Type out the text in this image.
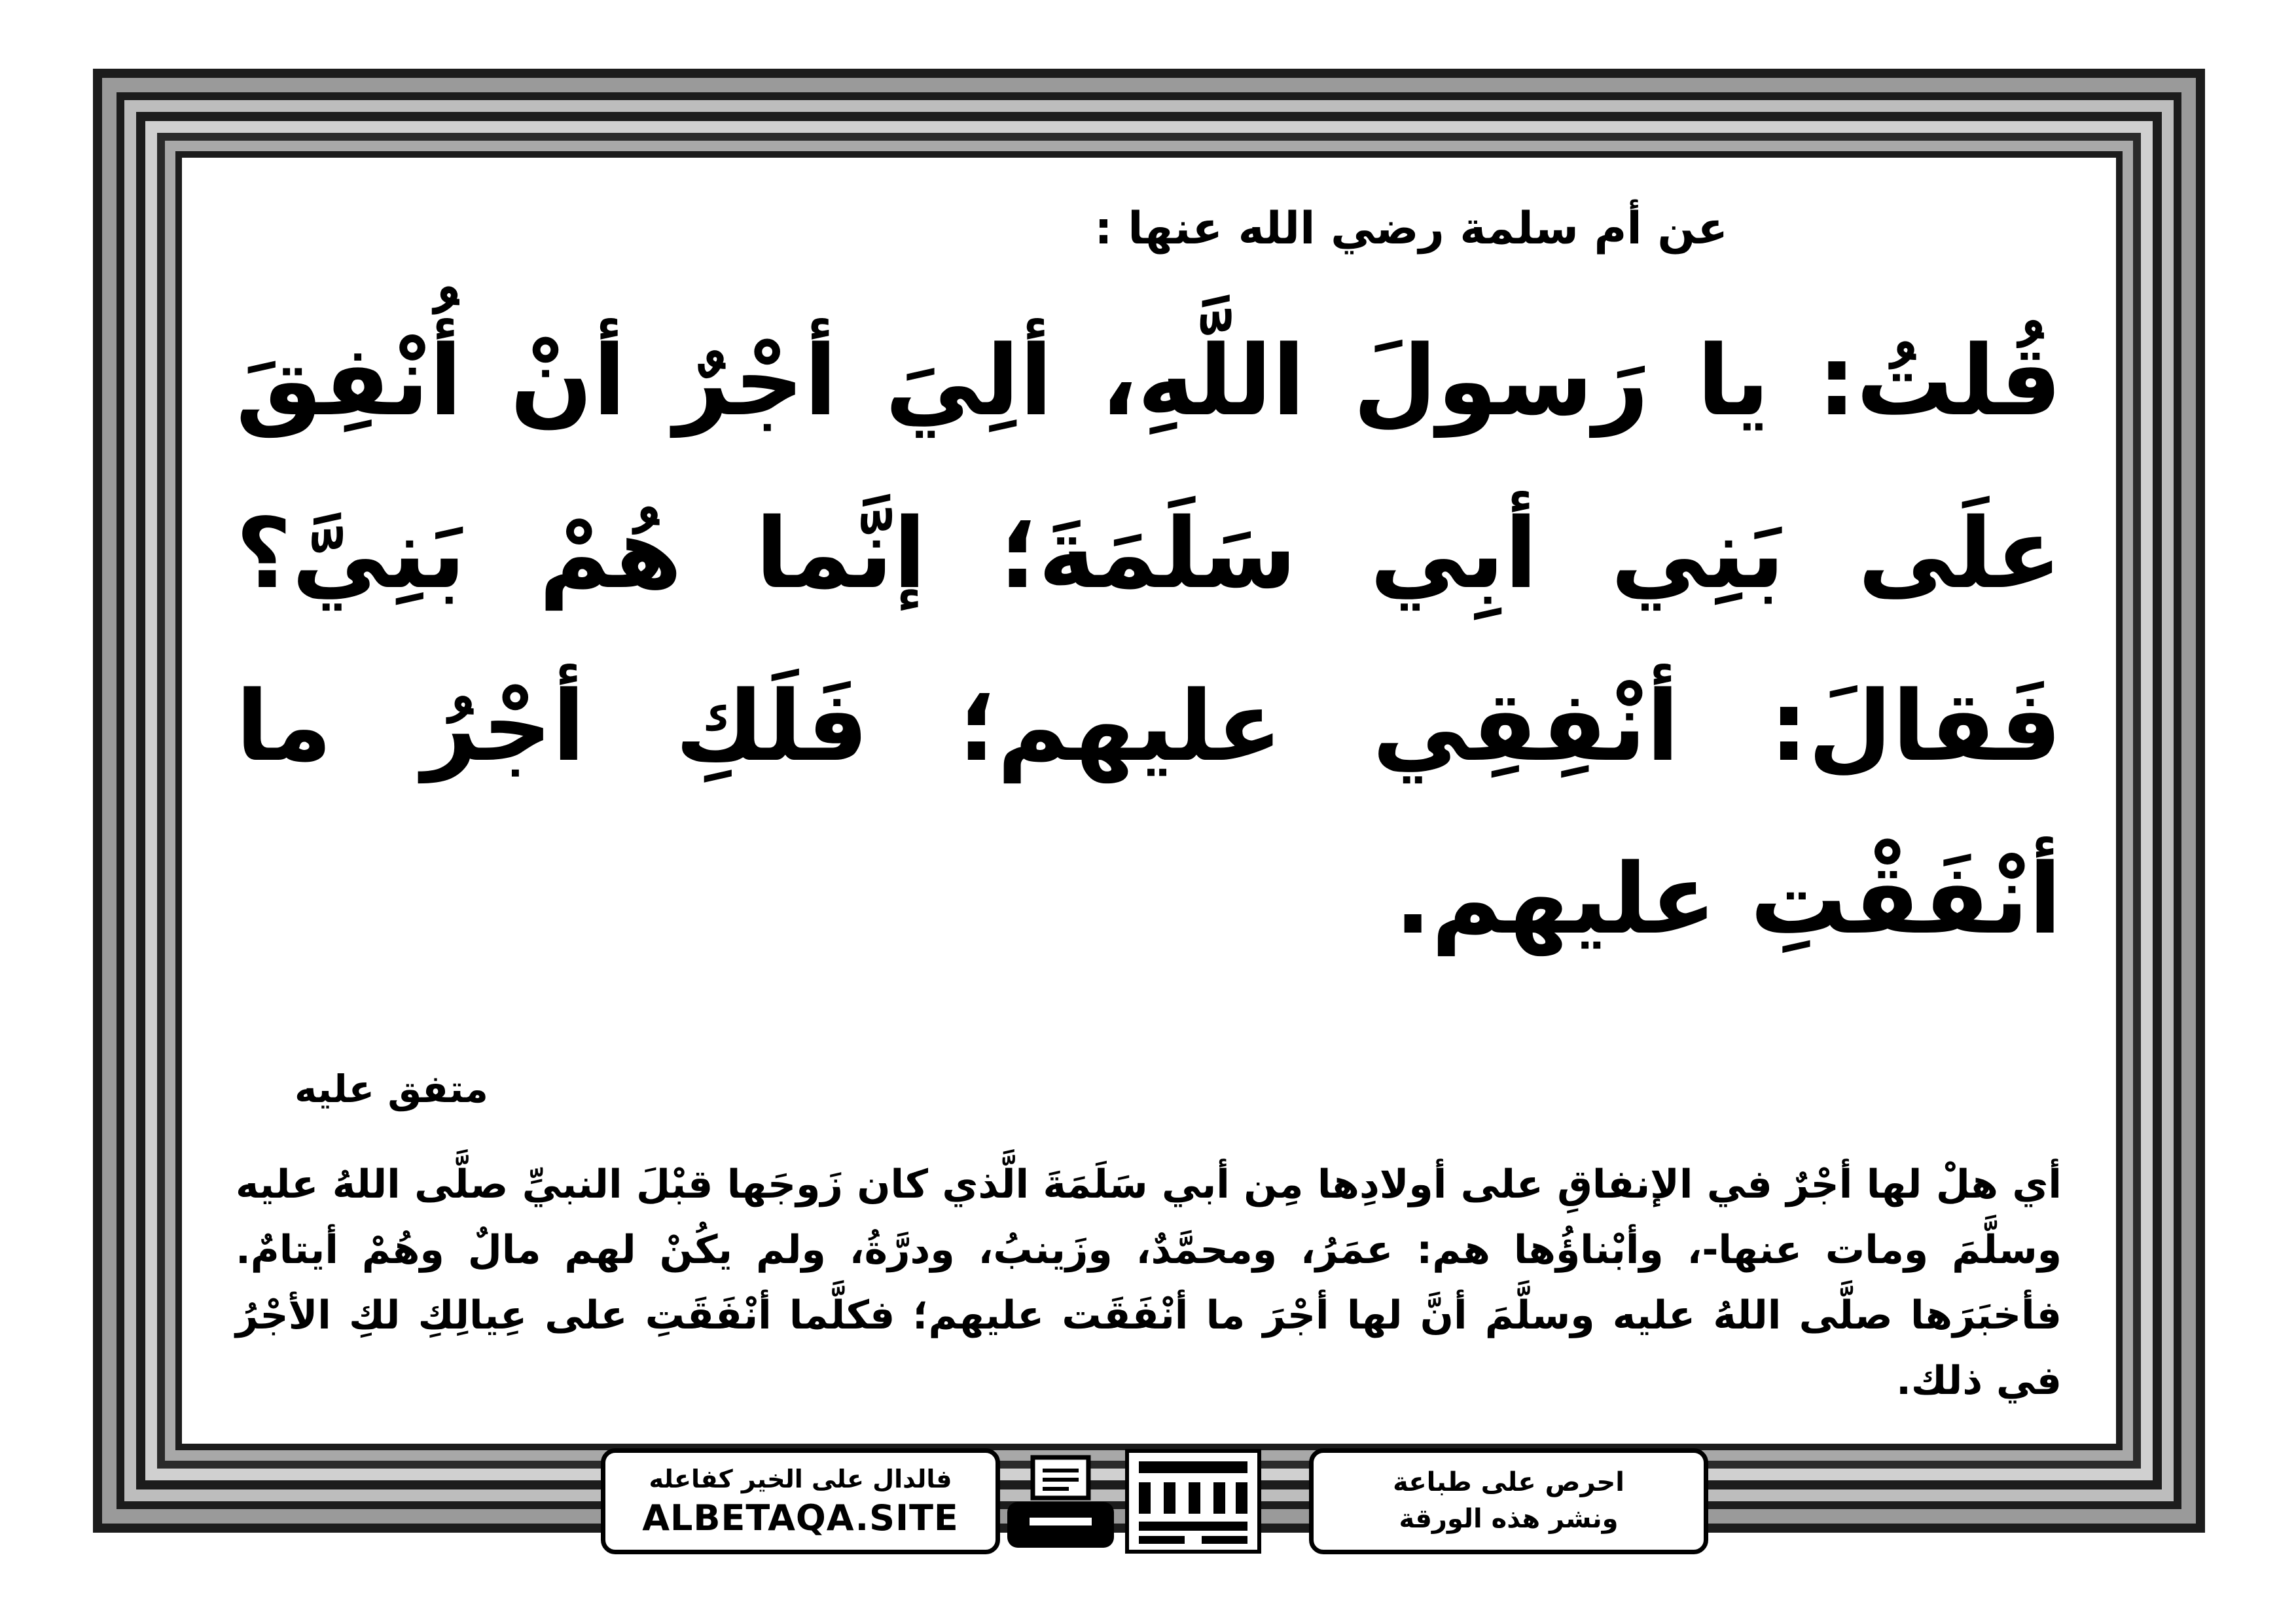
عن أم سلمة رضي الله عنها :
قُلتُ: يا رَسولَ اللَّهِ، ألِيَ أجْرٌ أنْ أُنْفِقَ علَى بَنِي أبِي سَلَمَةَ؛ إنَّما هُمْ بَنِيَّ؟ فَقالَ: أنْفِقِي عليهم؛ فَلَكِ أجْرُ ما أنْفَقْتِ عليهم.
متفق عليه
أي هلْ لها أجْرٌ في الإنفاقِ على أولادِها مِن أبي سَلَمَةَ الَّذي كان زَوجَها قبْلَ النبيِّ صلَّى اللهُ عليه وسلَّمَ ومات عنها-، وأبْناؤُها هم: عمَرُ، ومحمَّدٌ، وزَينبُ، ودرَّةُ، ولم يكُنْ لهم مالٌ وهُمْ أيتامٌ. فأخبَرَها صلَّى اللهُ عليه وسلَّمَ أنَّ لها أجْرَ ما أنْفَقَت عليهم؛ فكلَّما أنْفَقَتِ على عِيالِكِ لكِ الأجْرُ في ذلك.
فالدال على الخير كفاعله
ALBETAQA.SITE
احرص على طباعة
ونشر هذه الورقة
